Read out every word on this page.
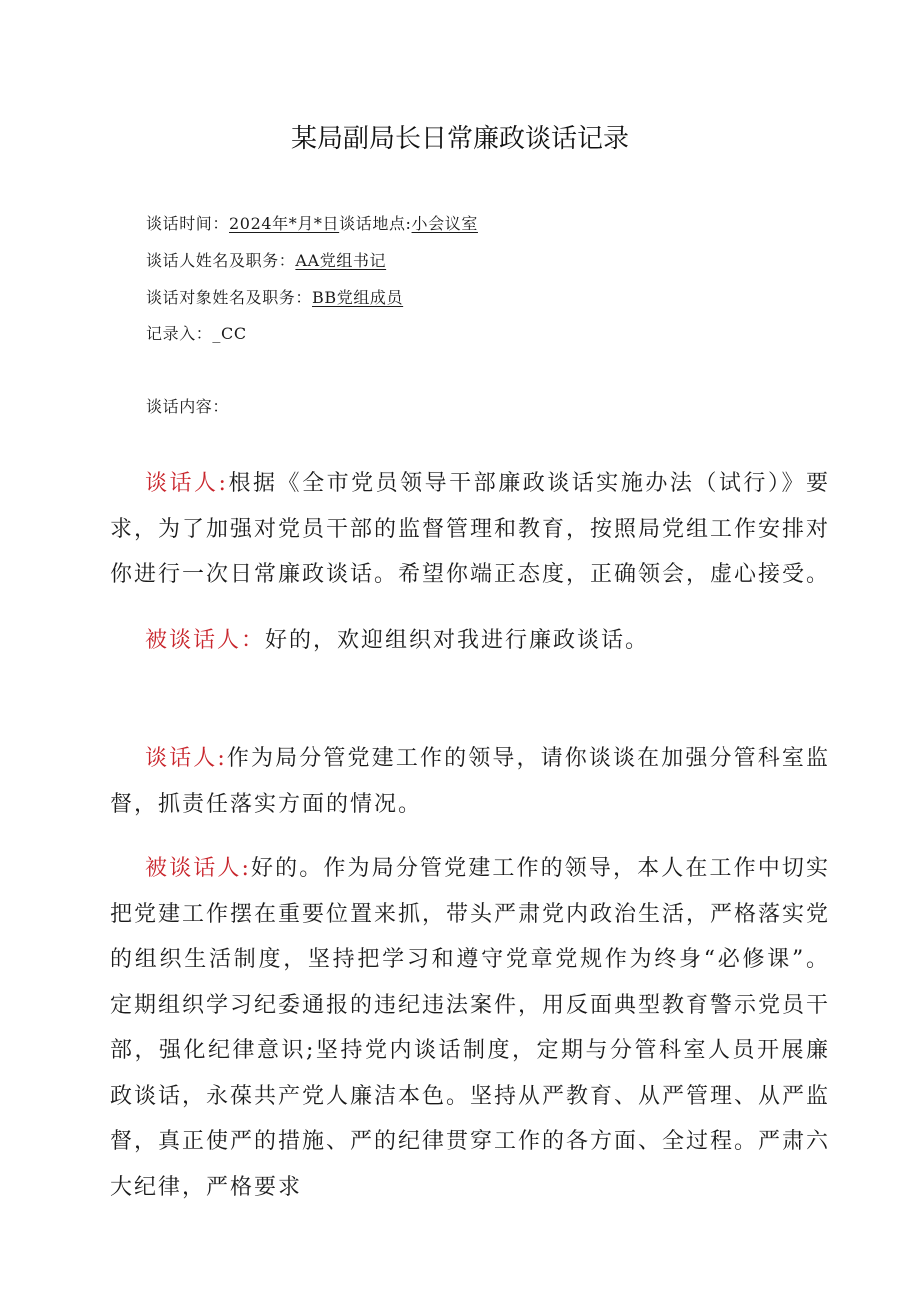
某局副局长日常廉政谈话记录
谈话时间：2024年*月*日谈话地点:小会议室
谈话人姓名及职务：AA党组书记
谈话对象姓名及职务：BB党组成员
记录入：_CC
谈话内容：

谈话人:根据《全市党员领导干部廉政谈话实施办法（试行）》要求，为了加强对党员干部的监督管理和教育，按照局党组工作安排对你进行一次日常廉政谈话。希望你端正态度，正确领会，虚心接受。

被谈话人：好的，欢迎组织对我进行廉政谈话。

谈话人:作为局分管党建工作的领导，请你谈谈在加强分管科室监督，抓责任落实方面的情况。

被谈话人:好的。作为局分管党建工作的领导，本人在工作中切实把党建工作摆在重要位置来抓，带头严肃党内政治生活，严格落实党的组织生活制度，坚持把学习和遵守党章党规作为终身“必修课”。定期组织学习纪委通报的违纪违法案件，用反面典型教育警示党员干部，强化纪律意识;坚持党内谈话制度，定期与分管科室人员开展廉政谈话，永葆共产党人廉洁本色。坚持从严教育、从严管理、从严监督，真正使严的措施、严的纪律贯穿工作的各方面、全过程。严肃六大纪律，严格要求
